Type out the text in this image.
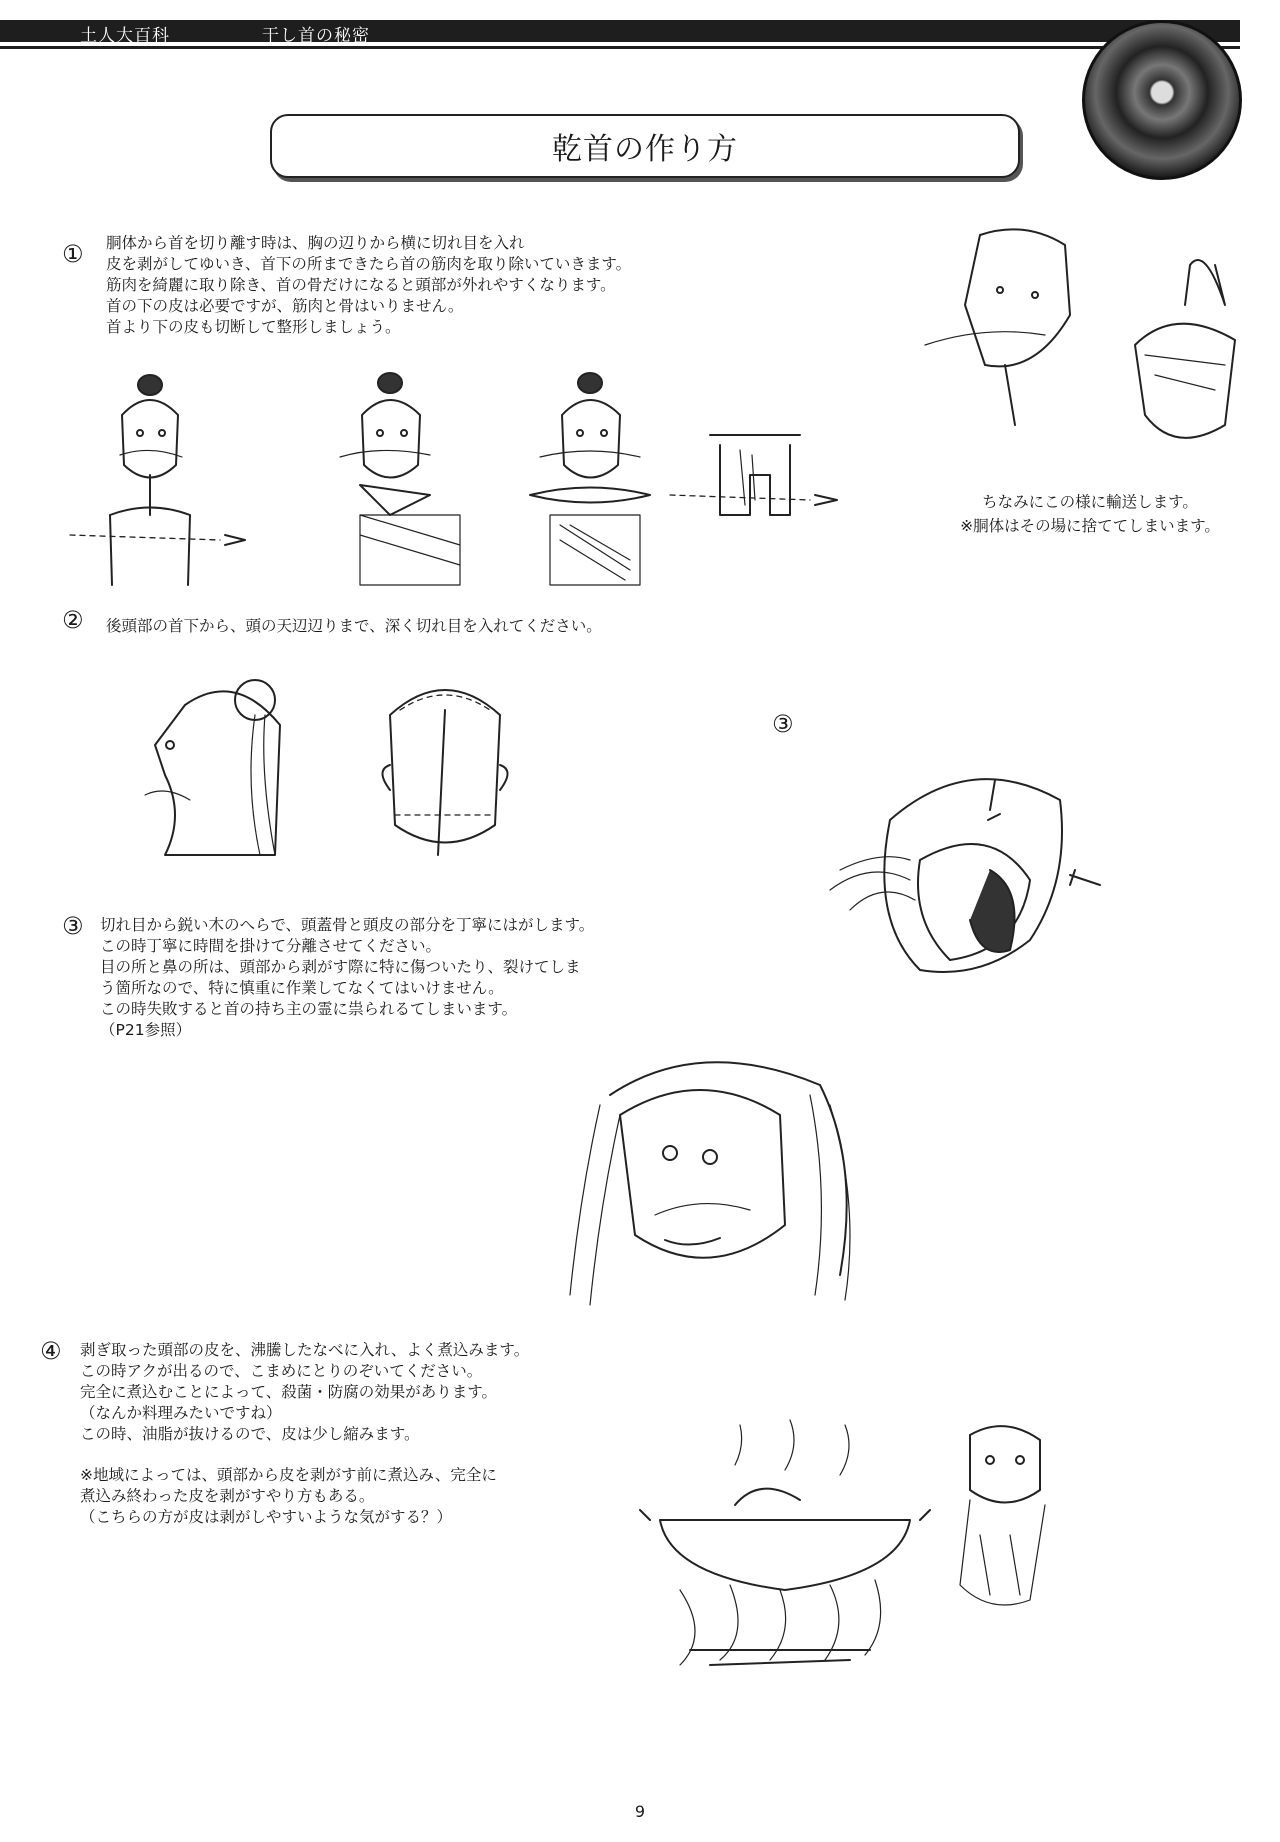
土人大百科	干し首の秘密
乾首の作り方
① 胴体から首を切り離す時は、胸の辺りから横に切れ目を入れ
皮を剥がしてゆいき、首下の所まできたら首の筋肉を取り除いていきます。
筋肉を綺麗に取り除き、首の骨だけになると頭部が外れやすくなります。
首の下の皮は必要ですが、筋肉と骨はいりません。
首より下の皮も切断して整形しましょう。
ちなみにこの様に輸送します。
※胴体はその場に捨ててしまいます。
② 後頭部の首下から、頭の天辺辺りまで、深く切れ目を入れてください。
③
③ 切れ目から鋭い木のへらで、頭蓋骨と頭皮の部分を丁寧にはがします。
この時丁寧に時間を掛けて分離させてください。
目の所と鼻の所は、頭部から剥がす際に特に傷ついたり、裂けてしま
う箇所なので、特に慎重に作業してなくてはいけません。
この時失敗すると首の持ち主の霊に祟られるてしまいます。
（P21参照）
④ 剥ぎ取った頭部の皮を、沸騰したなべに入れ、よく煮込みます。
この時アクが出るので、こまめにとりのぞいてください。
完全に煮込むことによって、殺菌・防腐の効果があります。
（なんか料理みたいですね）
この時、油脂が抜けるので、皮は少し縮みます。
※地域によっては、頭部から皮を剥がす前に煮込み、完全に
煮込み終わった皮を剥がすやり方もある。
（こちらの方が皮は剥がしやすいような気がする？）
9
